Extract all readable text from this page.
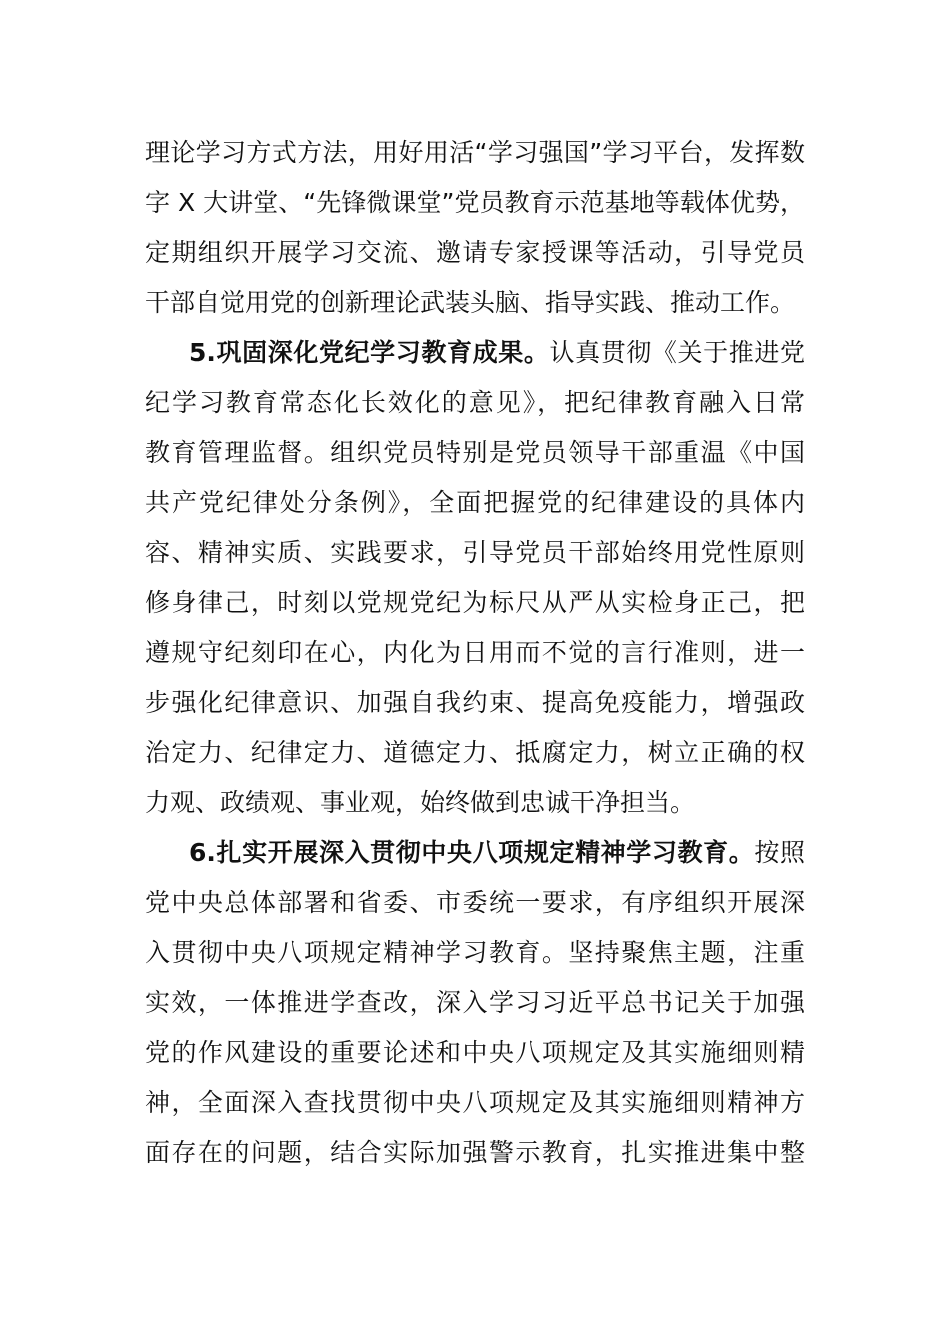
理论学习方式方法，用好用活“学习强国”学习平台，发挥数
字 X 大讲堂、“先锋微课堂”党员教育示范基地等载体优势，
定期组织开展学习交流、邀请专家授课等活动，引导党员
干部自觉用党的创新理论武装头脑、指导实践、推动工作。
5.巩固深化党纪学习教育成果。认真贯彻《关于推进党
纪学习教育常态化长效化的意见》，把纪律教育融入日常
教育管理监督。组织党员特别是党员领导干部重温《中国
共产党纪律处分条例》，全面把握党的纪律建设的具体内
容、精神实质、实践要求，引导党员干部始终用党性原则
修身律己，时刻以党规党纪为标尺从严从实检身正己，把
遵规守纪刻印在心，内化为日用而不觉的言行准则，进一
步强化纪律意识、加强自我约束、提高免疫能力，增强政
治定力、纪律定力、道德定力、抵腐定力，树立正确的权
力观、政绩观、事业观，始终做到忠诚干净担当。
6.扎实开展深入贯彻中央八项规定精神学习教育。按照
党中央总体部署和省委、市委统一要求，有序组织开展深
入贯彻中央八项规定精神学习教育。坚持聚焦主题，注重
实效，一体推进学查改，深入学习习近平总书记关于加强
党的作风建设的重要论述和中央八项规定及其实施细则精
神，全面深入查找贯彻中央八项规定及其实施细则精神方
面存在的问题，结合实际加强警示教育，扎实推进集中整
